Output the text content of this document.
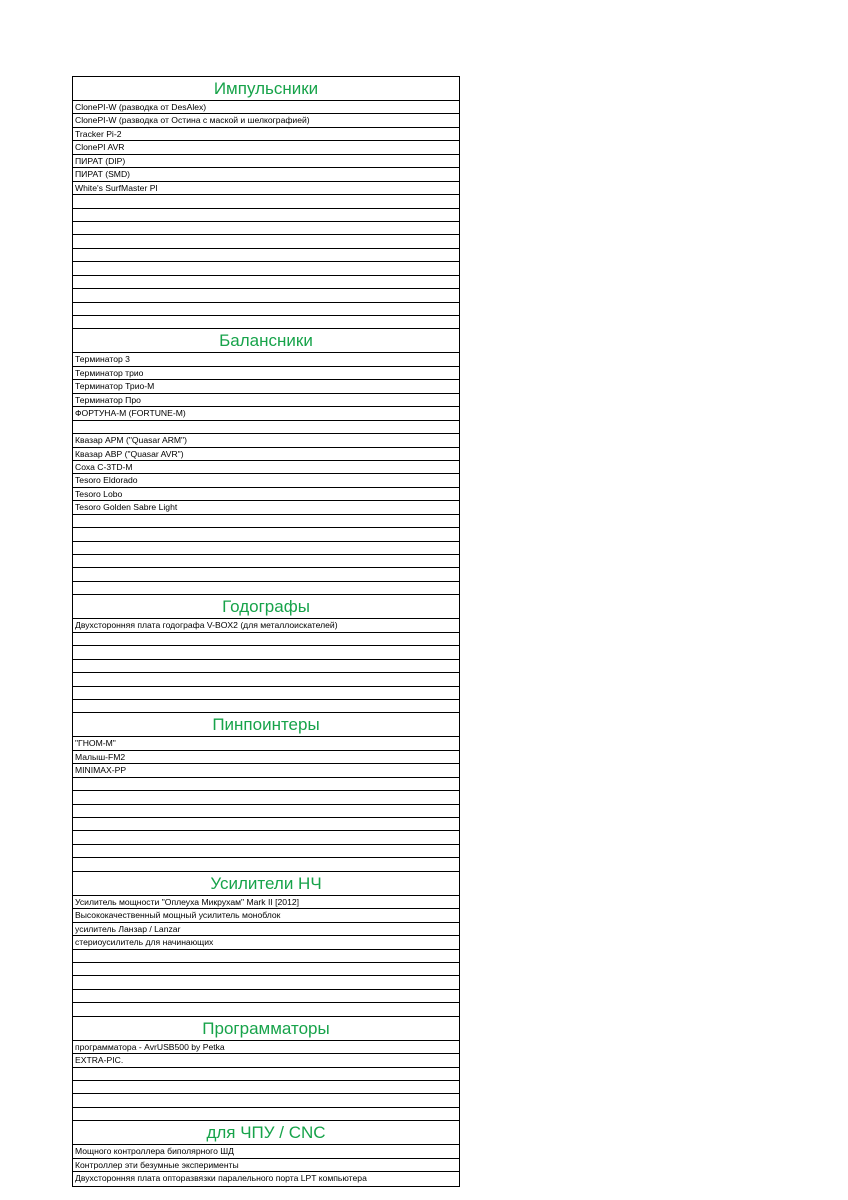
Импульсники
ClonePI-W (разводка от DesAlex)
ClonePI-W (разводка от Остина с маской и шелкографией)
Tracker Pi-2
ClonePI AVR
ПИРАТ (DIP)
ПИРАТ (SMD)
White's SurfMaster PI
Балансники
Терминатор 3
Терминатор трио
Терминатор Трио-М
Терминатор Про
ФОРТУНА-М (FORTUNE-M)
Квазар АРМ ("Quasar ARM")
Квазар АВР ("Quasar AVR")
Соха С-3TD-M
Tesoro Eldorado
Tesoro Lobo
Tesoro Golden Sabre Light
Годографы
Двухсторонняя плата годографа V-BOX2 (для металлоискателей)
Пинпоинтеры
"ГНОМ-М"
Малыш-FM2
MINIMAX-PP
Усилители НЧ
Усилитель мощности "Оплеуха Микрухам" Mark II [2012]
Высококачественный мощный усилитель моноблок
усилитель Ланзар / Lanzar
стериоусилитель для начинающих
Программаторы
программатора - AvrUSB500 by Petka
EXTRA-PIC.
для ЧПУ / CNC
Мощного контроллера биполярного ШД
Контроллер эти безумные эксперименты
Двухсторонняя плата опторазвязки паралельного порта LPT компьютера
